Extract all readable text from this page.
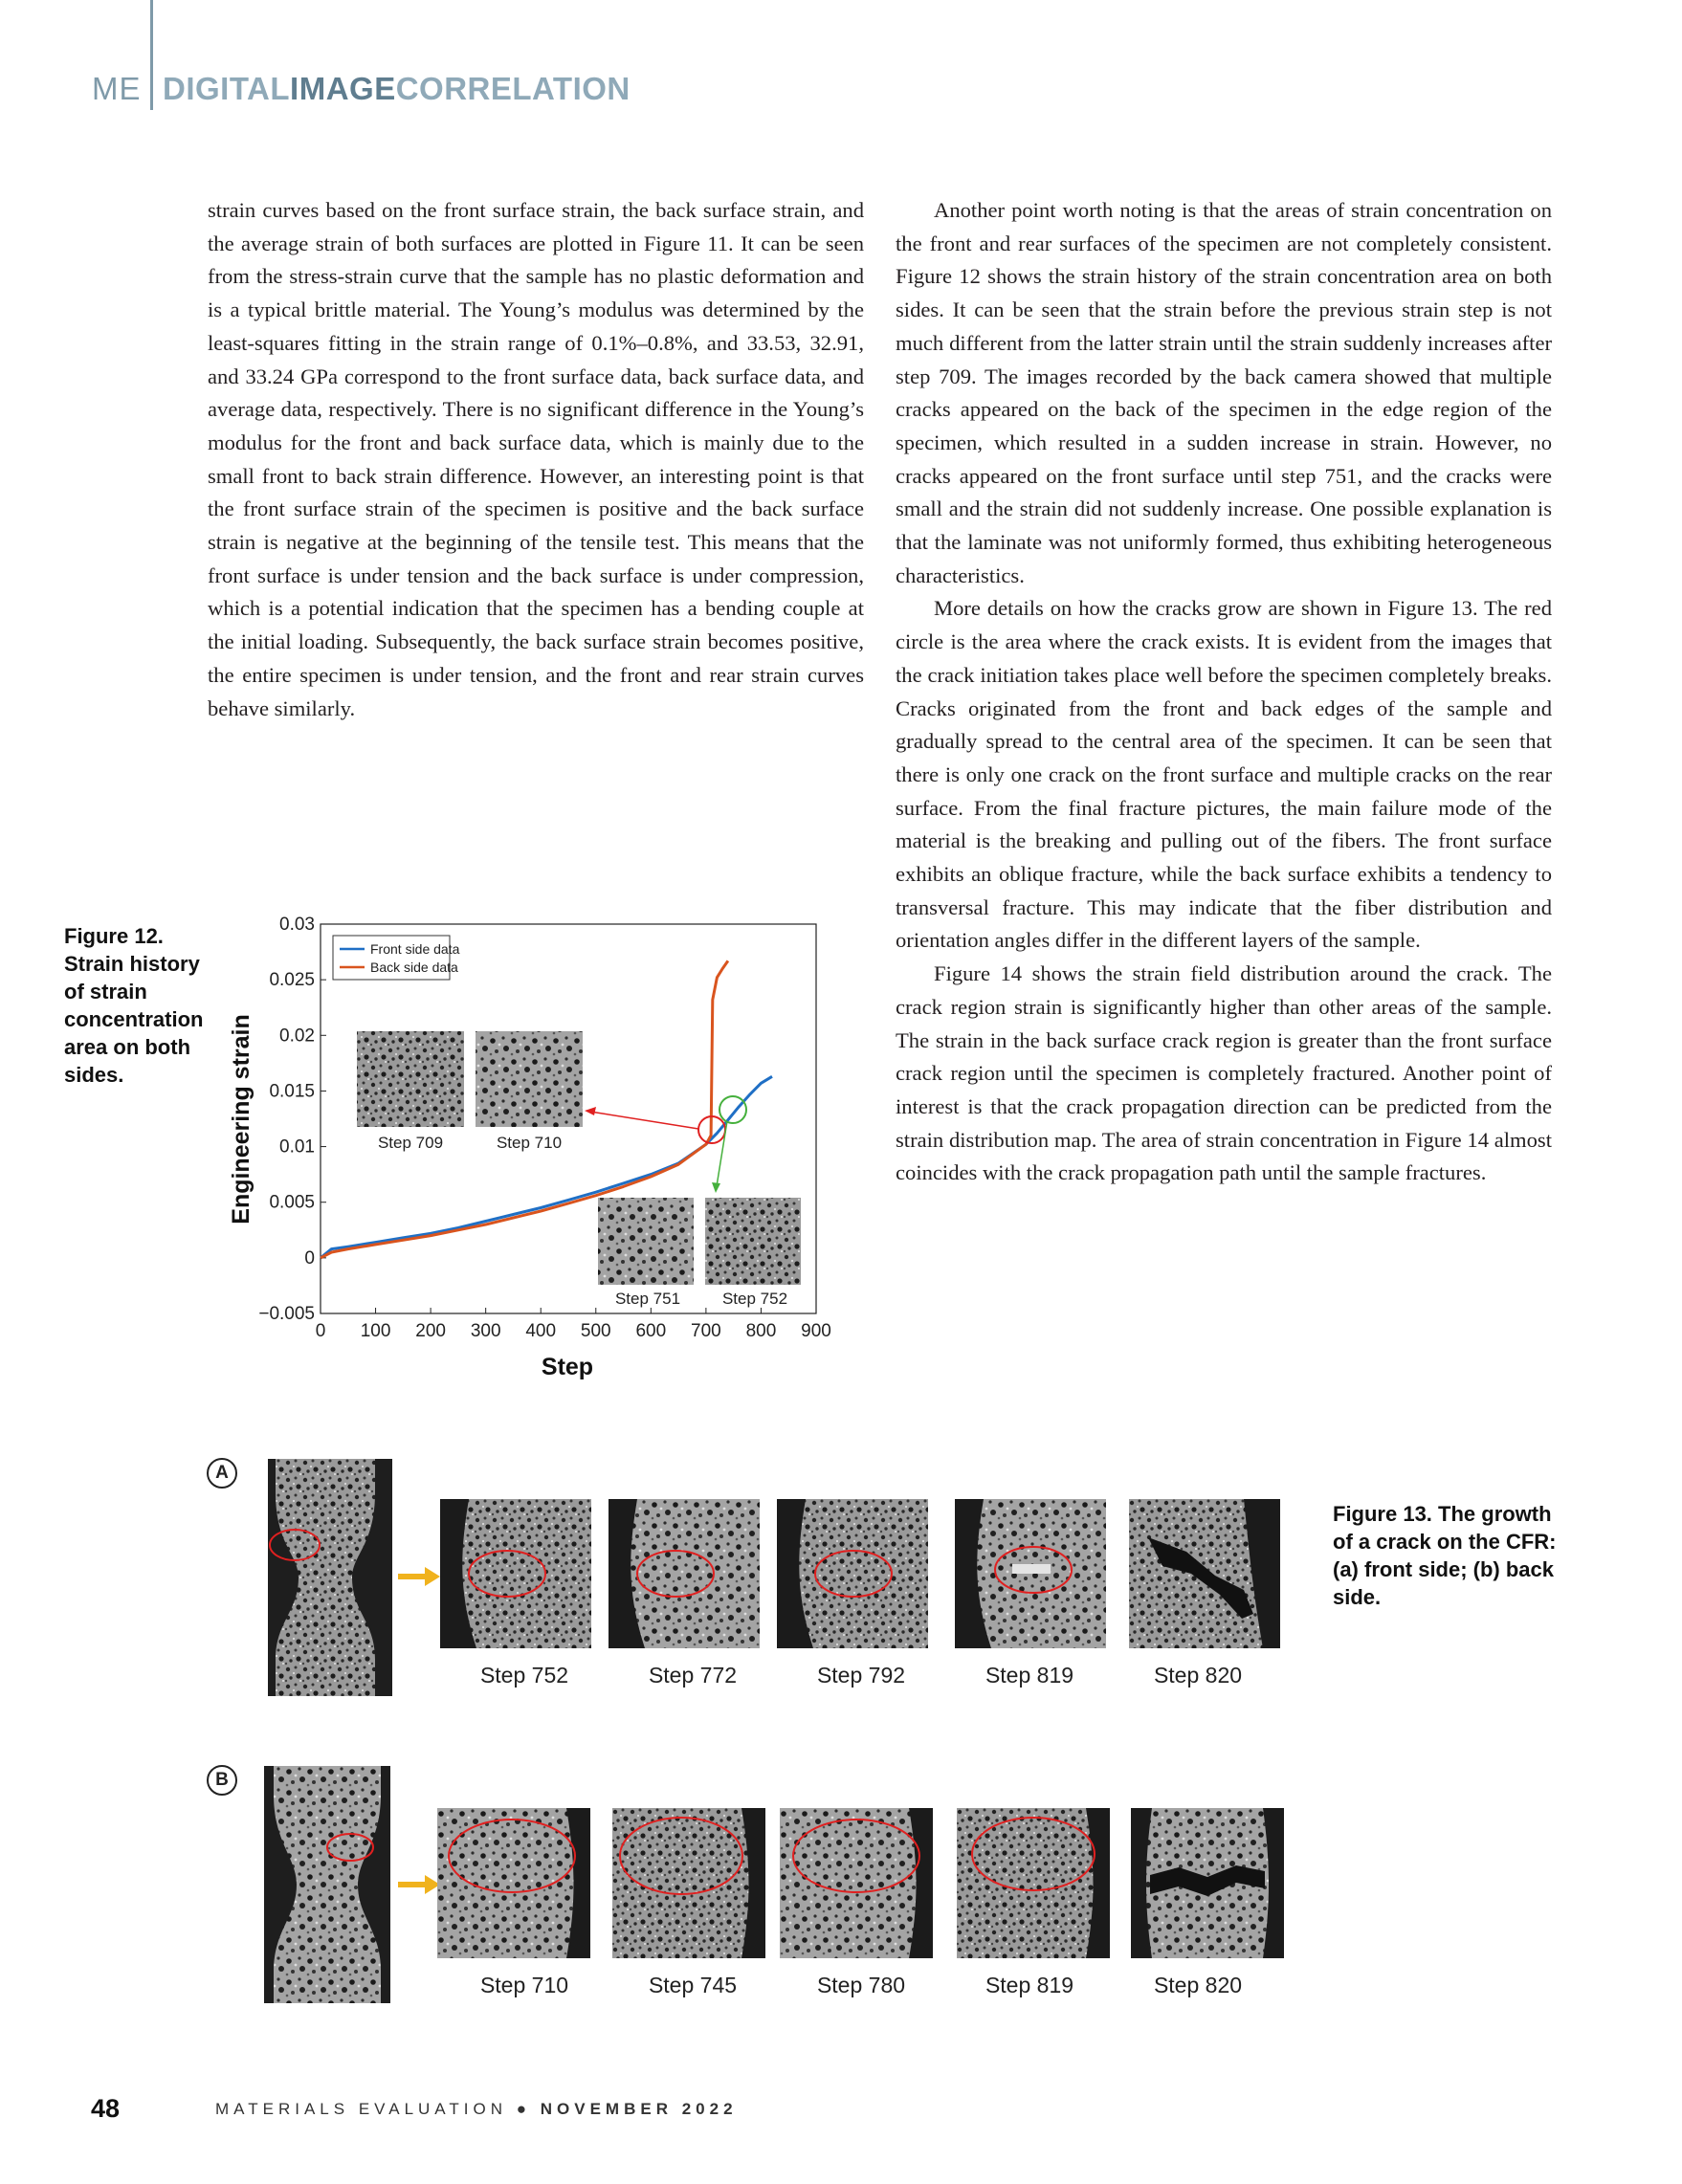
ME DIGITALIMAGECORRELATION

strain curves based on the front surface strain, the back surface strain, and the average strain of both surfaces are plotted in Figure 11. It can be seen from the stress-strain curve that the sample has no plastic deformation and is a typical brittle material. The Young’s modulus was determined by the least-squares fitting in the strain range of 0.1%–0.8%, and 33.53, 32.91, and 33.24 GPa correspond to the front surface data, back surface data, and average data, respectively. There is no significant difference in the Young’s modulus for the front and back surface data, which is mainly due to the small front to back strain difference. However, an interesting point is that the front surface strain of the specimen is positive and the back surface strain is negative at the beginning of the tensile test. This means that the front surface is under tension and the back surface is under compression, which is a potential indication that the specimen has a bending couple at the initial loading. Subsequently, the back surface strain becomes positive, the entire specimen is under tension, and the front and rear strain curves behave similarly.

Another point worth noting is that the areas of strain concentration on the front and rear surfaces of the specimen are not completely consistent. Figure 12 shows the strain history of the strain concentration area on both sides. It can be seen that the strain before the previous strain step is not much different from the latter strain until the strain suddenly increases after step 709. The images recorded by the back camera showed that multiple cracks appeared on the back of the specimen in the edge region of the specimen, which resulted in a sudden increase in strain. However, no cracks appeared on the front surface until step 751, and the cracks were small and the strain did not suddenly increase. One possible explanation is that the laminate was not uniformly formed, thus exhibiting heterogeneous characteristics.

More details on how the cracks grow are shown in Figure 13. The red circle is the area where the crack exists. It is evident from the images that the crack initiation takes place well before the specimen completely breaks. Cracks originated from the front and back edges of the sample and gradually spread to the central area of the specimen. It can be seen that there is only one crack on the front surface and multiple cracks on the rear surface. From the final fracture pictures, the main failure mode of the material is the breaking and pulling out of the fibers. The front surface exhibits an oblique fracture, while the back surface exhibits a tendency to transversal fracture. This may indicate that the fiber distribution and orientation angles differ in the different layers of the sample.

Figure 14 shows the strain field distribution around the crack. The crack region strain is significantly higher than other areas of the sample. The strain in the back surface crack region is greater than the front surface crack region until the specimen is completely fractured. Another point of interest is that the crack propagation direction can be predicted from the strain distribution map. The area of strain concentration in Figure 14 almost coincides with the crack propagation path until the sample fractures.

Figure 12. Strain history of strain concentration area on both sides.
0 100 200 300 400 500 600 700 800 900
−0.005
0
0.005
0.01
0.015
0.02
0.025
0.03
Step 709	Step 710
Step 751	Step 752
Front side data
Back side data
Step
Engineering strain
A
B
Step 752	Step 772	Step 792	Step 819	Step 820
Step 710	Step 745	Step 780	Step 819	Step 820
Figure 13. The growth of a crack on the CFR: (a) front side; (b) back side.
48	MATERIALS EVALUATION ● NOVEMBER 2022
